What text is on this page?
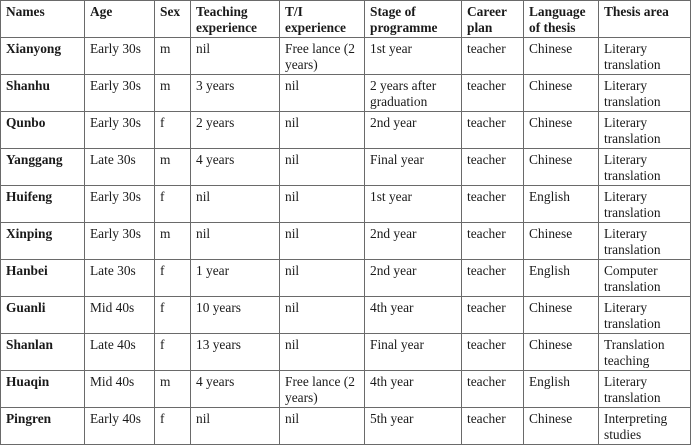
Names	Age	Sex	Teaching experience	T/I experience	Stage of programme	Career plan	Language of thesis	Thesis area
Xianyong	Early 30s	m	nil	Free lance (2 years)	1st year	teacher	Chinese	Literary translation
Shanhu	Early 30s	m	3 years	nil	2 years after graduation	teacher	Chinese	Literary translation
Qunbo	Early 30s	f	2 years	nil	2nd year	teacher	Chinese	Literary translation
Yanggang	Late 30s	m	4 years	nil	Final year	teacher	Chinese	Literary translation
Huifeng	Early 30s	f	nil	nil	1st year	teacher	English	Literary translation
Xinping	Early 30s	m	nil	nil	2nd year	teacher	Chinese	Literary translation
Hanbei	Late 30s	f	1 year	nil	2nd year	teacher	English	Computer translation
Guanli	Mid 40s	f	10 years	nil	4th year	teacher	Chinese	Literary translation
Shanlan	Late 40s	f	13 years	nil	Final year	teacher	Chinese	Translation teaching
Huaqin	Mid 40s	m	4 years	Free lance (2 years)	4th year	teacher	English	Literary translation
Pingren	Early 40s	f	nil	nil	5th year	teacher	Chinese	Interpreting studies
